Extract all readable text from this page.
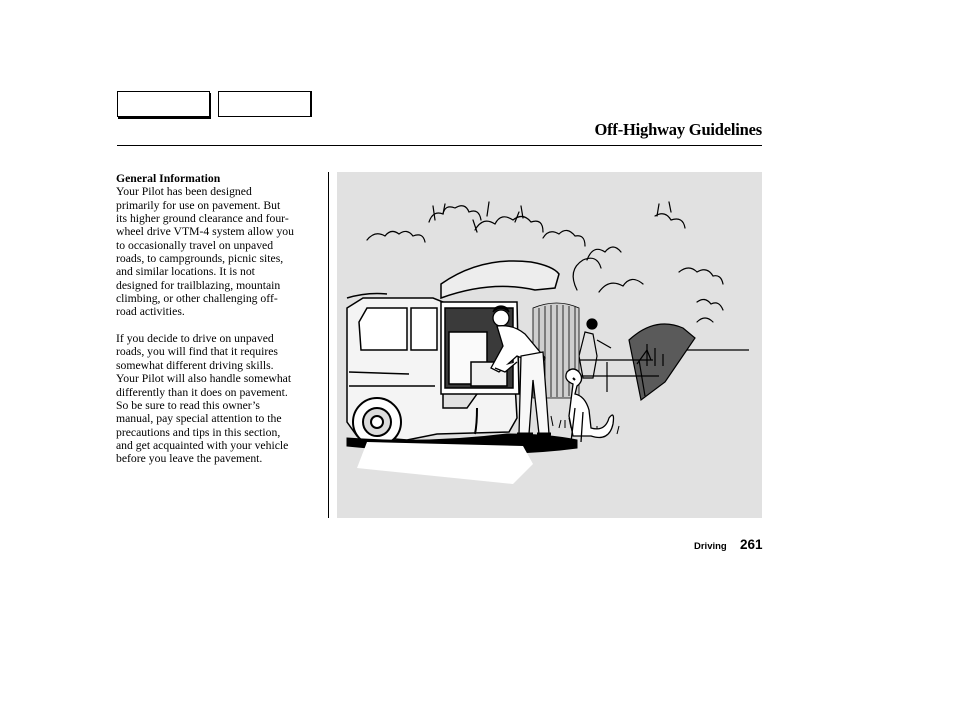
Off-Highway Guidelines

General Information

Your Pilot has been designed
primarily for use on pavement. But
its higher ground clearance and four-
wheel drive VTM-4 system allow you
to occasionally travel on unpaved
roads, to campgrounds, picnic sites,
and similar locations. It is not
designed for trailblazing, mountain
climbing, or other challenging off-
road activities.

If you decide to drive on unpaved
roads, you will find that it requires
somewhat different driving skills.
Your Pilot will also handle somewhat
differently than it does on pavement.
So be sure to read this owner’s
manual, pay special attention to the
precautions and tips in this section,
and get acquainted with your vehicle
before you leave the pavement.

Driving 261
